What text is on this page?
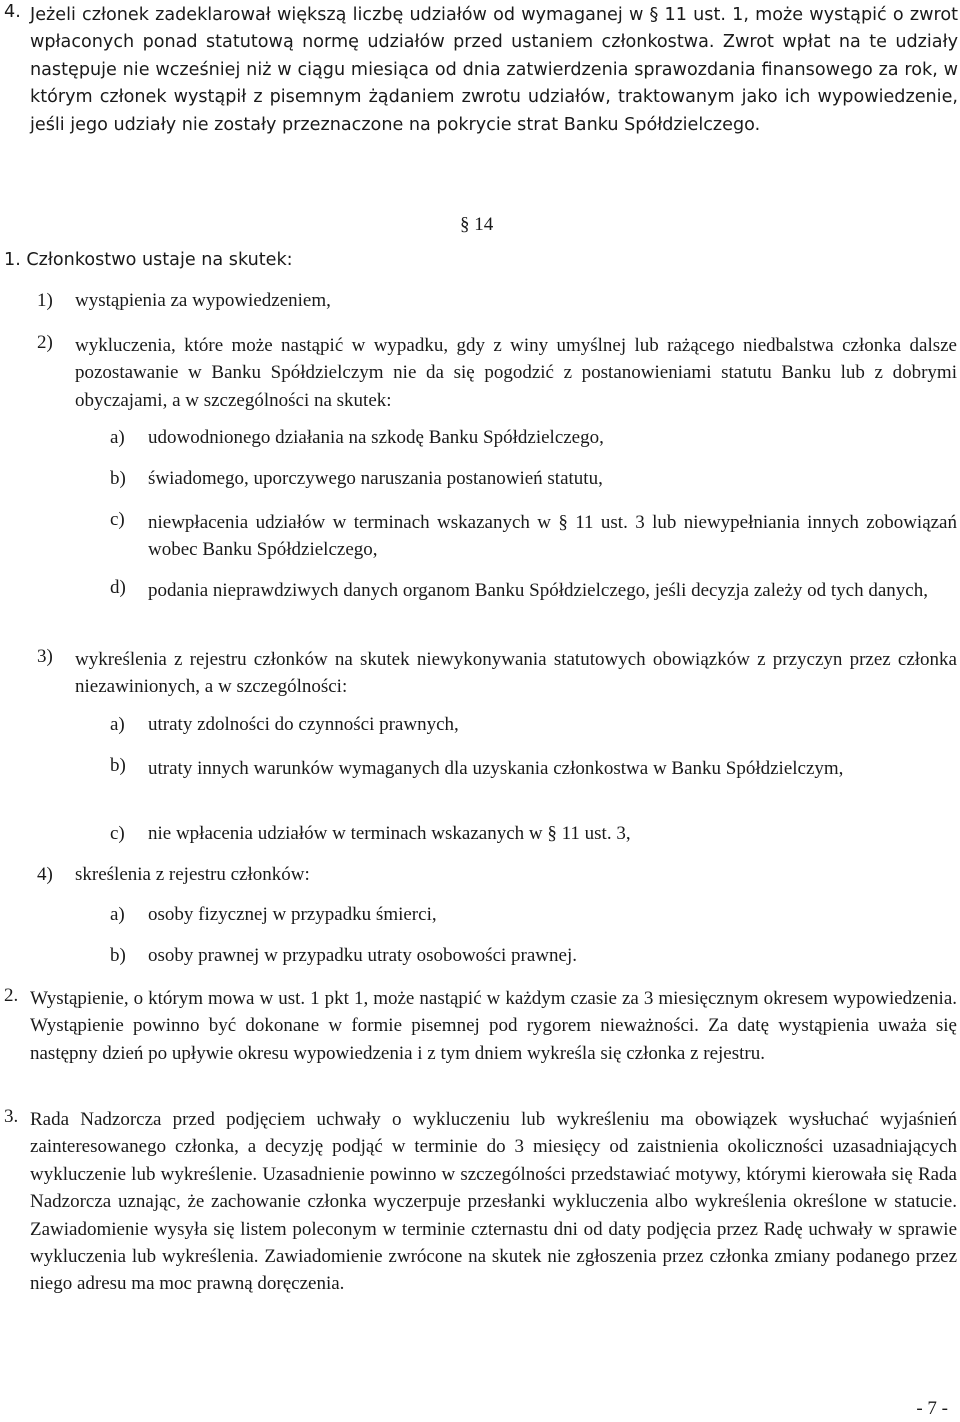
4. Jeżeli członek zadeklarował większą liczbę udziałów od wymaganej w § 11 ust. 1, może wystąpić o zwrot wpłaconych ponad statutową normę udziałów przed ustaniem członkostwa. Zwrot wpłat na te udziały następuje nie wcześniej niż w ciągu miesiąca od dnia zatwierdzenia sprawozdania finansowego za rok, w którym członek wystąpił z pisemnym żądaniem zwrotu udziałów, traktowanym jako ich wypowiedzenie, jeśli jego udziały nie zostały przeznaczone na pokrycie strat Banku Spółdzielczego.

§ 14
1. Członkostwo ustaje na skutek:
1) wystąpienia za wypowiedzeniem,

2) wykluczenia, które może nastąpić w wypadku, gdy z winy umyślnej lub rażącego niedbalstwa członka dalsze pozostawanie w Banku Spółdzielczym nie da się pogodzić z postanowieniami statutu Banku lub z dobrymi obyczajami, a w szczególności na skutek:

a) udowodnionego działania na szkodę Banku Spółdzielczego,

b) świadomego, uporczywego naruszania postanowień statutu,

c) niewpłacenia udziałów w terminach wskazanych w § 11 ust. 3 lub niewypełniania innych zobowiązań wobec Banku Spółdzielczego,

d) podania nieprawdziwych danych organom Banku Spółdzielczego, jeśli decyzja zależy od tych danych,

3) wykreślenia z rejestru członków na skutek niewykonywania statutowych obowiązków z przyczyn przez członka niezawinionych, a w szczególności:

a) utraty zdolności do czynności prawnych,

b) utraty innych warunków wymaganych dla uzyskania członkostwa w Banku Spółdzielczym,

c) nie wpłacenia udziałów w terminach wskazanych w § 11 ust. 3,

4) skreślenia z rejestru członków:

a) osoby fizycznej w przypadku śmierci,

b) osoby prawnej w przypadku utraty osobowości prawnej.

2. Wystąpienie, o którym mowa w ust. 1 pkt 1, może nastąpić w każdym czasie za 3 miesięcznym okresem wypowiedzenia. Wystąpienie powinno być dokonane w formie pisemnej pod rygorem nieważności. Za datę wystąpienia uważa się następny dzień po upływie okresu wypowiedzenia i z tym dniem wykreśla się członka z rejestru.

3. Rada Nadzorcza przed podjęciem uchwały o wykluczeniu lub wykreśleniu ma obowiązek wysłuchać wyjaśnień zainteresowanego członka, a decyzję podjąć w terminie do 3 miesięcy od zaistnienia okoliczności uzasadniających wykluczenie lub wykreślenie. Uzasadnienie powinno w szczególności przedstawiać motywy, którymi kierowała się Rada Nadzorcza uznając, że zachowanie członka wyczerpuje przesłanki wykluczenia albo wykreślenia określone w statucie. Zawiadomienie wysyła się listem poleconym w terminie czternastu dni od daty podjęcia przez Radę uchwały w sprawie wykluczenia lub wykreślenia. Zawiadomienie zwrócone na skutek nie zgłoszenia przez członka zmiany podanego przez niego adresu ma moc prawną doręczenia.

- 7 -
